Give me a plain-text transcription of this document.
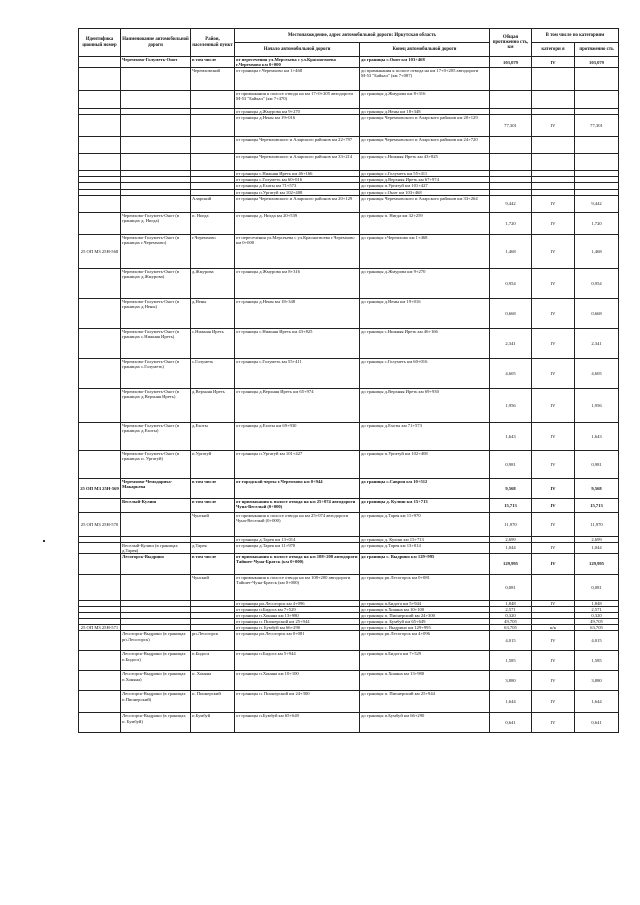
Идентифика ционный номер	Наименование автомобильной дороги	Район, населенный пункт	Местонахождение, адрес автомобильной дороги: Иркутская область		Общая протяженно сть, км	В том числе по категориям	
			Начало автомобильной дороги	Конец автомобильной дороги		категори я	протяженно сть

	Черемхово-Голуметь-Онот	в том числе	от пересечения ул.Мерсеьева с ул.Красногвоева г.Черемхово км 0+000	до границы с.Онот км 103+468	103,079	IV	103,079
		Черемховский	от границы г.Черемхово км 1+468	до примыкания к полосе отвода на км 17+0+205 автодороги М-53 "Байкал" (км 7+087)			
			от примыкания к полосе отвода на км 17+0+205 автодороги М-53 "Байкал" (км 7+470)	до границы д.Жмурова км 8+316			
			от границы д.Жмурова км 9+270	до границы д.Нены км 18+348			
			от границы д.Нены км 19+016	до границы Черемховского и Аларского районов км 20+129	77,301	IV	77,301
			от границы Черемховского и Аларского районов км 22+797	до границы Черемховского и Аларского районов км 24+720			
			от границы Черемховского и Аларского районов км 33+214	до границы с.Нижняя Иреть км 43+825			
			от границы с.Нижняя Иреть км 46+166	до границы с.Голуметь км 55+411			
			от границы с.Голуметь км 60+016	до границы д.Верхняя Иреть км 67+974			
			от границы д.Ехаты км 71+573	до границы п.Ургатуй км 101+427			
			от границы п.Ургатуй км 102+408	до границы с.Онот км 103+468			
		Аларский	от границы Черемховского и Аларского районов км 20+129	до границы Черемховского и Аларского районов км 33+264	9,442	IV	9,442
	Черемхово-Голуметь-Онот (в границах д. Нигда)	п. Нигда	от границы д. Нигда км 20+539	до границы п. Нигда км 32+259	1,720	IV	1,720
25 ОП МЗ 25Н-568	Черемхово-Голуметь-Онот (в границах г.Черемхово)	г.Черемхово	от пересечения ул.Мерсеьева с ул.Красногвоева г.Черемхово км 0+000	до границы г.Черемхово км 1+468	1,468	IV	1,468
	Черемхово-Голуметь-Онот (в границах д.Жмурова)	д.Жмурова	от границы д.Жмурова км 8+316	до границы д.Жмурова км 9+270	0,954	IV	0,954
	Черемхово-Голуметь-Онот (в границах д.Нены)	д.Нены	от границы д.Нены км 18+348	до границы д.Нены км 19+016	0,668	IV	0,668
	Черемхово-Голуметь-Онот (в границах с.Нижняя Иреть)	с.Нижняя Иреть	от границы с.Нижняя Иреть км 43+825	до границы с.Нижняя Иреть км 46+166	2,341	IV	2,341
	Черемхово-Голуметь-Онот (в границах с.Голуметь)	с.Голуметь	от границы с.Голуметь км 55+411	до границы с.Голуметь км 60+016	4,605	IV	4,605
	Черемхово-Голуметь-Онот (в границах д.Верхняя Иреть)	д.Верхняя Иреть	от границы д.Верхняя Иреть км 65+974	до границы д.Верхняя Иреть км 69+930	1,956	IV	1,956
	Черемхово-Голуметь-Онот (в границах д.Ехоты)	д.Ехоты	от границы д.Ехоты км 69+930	до границы д.Ехоты км 71+573	1,643	IV	1,643
	Черемхово-Голуметь-Онот (в границах п. Ургатуй)	п.Ургатуй	от границы п.Ургатуй км 101+427	до границы п.Ургатуй км 102+408	0,981	IV	0,981
25 ОП МЗ 25Н-569	Черемхово-Чемодариха-Макарьева	в том числе	от городской черты г.Черемхово км 0+944	до границы с.Саврон км 10+512	9,568	IV	9,568
	Веселый-Кулиш	в том числе	от примыкания к полосе отвода на км 25+074 автодороги Чуна-Веселый (0+000)	до границы д. Кулиш км 15+713	15,713	IV	15,713
25 ОП МЗ 25Н-570		Чунский	от примыкания к полосе отвода на км 25+074 автодороги Чуна-Веселый (0+000)	до границы д.Тарея км 11+970	11,970	IV	11,970
			от границы д.Тарея км 13+014	до границы д. Кулиш км 15+713	2,699		2,699
	Веселый-Кулиш (в границах д.Тарея)	д.Тарея	от границы д.Тарея км 11+970	до границы д.Тарея км 13+014	1,044	IV	1,044
	Лесогорск-Выдрино	в том числе	от примыкания к полосе отвода на км 108+200 автодороги Тайшет-Чуна-Братск (км 0+000)	до границы с. Выдрино км 129+995	129,995	IV	129,995
		Чунский	от примыкания к полосе отвода на км 108+200 автодороги Тайшет-Чуна-Братск (км 0+000)	до границы рп.Лесогорск км 0+081	0,081		0,081
			от границы рп.Лесогорск км 4+096	до границы п.Бидога км 5+944	1,848	IV	1,848
			от границы п.Бидога км 7+529	до границы п.Хоняна км 10+100	2,571		2,571
			от границы п.Хоняна км 13+980	до границы п. Пионерский км 24+300	0,320		0,320
			от границы п. Пионерский км 25+944	до границы п. Бумбуй км 65+649	49,705		49,705
25 ОП МЗ 25Н-571			от границы п. Бумбуй км 66+290	до границы с. Выдрино км 129+995	63,705	н/к	63,705
	Лесогорск-Выдрино (в границах рп.Лесогорск)	рп.Лесогорск	от границы рп.Лесогорск км 0+081	до границы рп.Лесогорск км 4+096	4,015	IV	4,015
	Лесогорск-Выдрино (в границах п.Бидога)	п.Бидога	от границы п.Бидога км 5+944	до границы п.Бидога км 7+529	1,585	IV	1,585
	Лесогорск-Выдрино (в границах п.Хоняна)	п. Хоняна	от границы п.Хоняна км 10+100	до границы п.Хоняна км 13+980	3,880	IV	3,880
	Лесогорск-Выдрино (в границах п.Пионерский)	п. Пионерский	от границы п. Пионерский км 24+300	до границы п. Пионерский км 25+944	1,644	IV	1,644
	Лесогорск-Выдрино (в границах п. Бумбуй)	п.Бумбуй	от границы п.Бумбуй км 65+649	до границы п.Бумбуй км 66+290	0,641	IV	0,641
